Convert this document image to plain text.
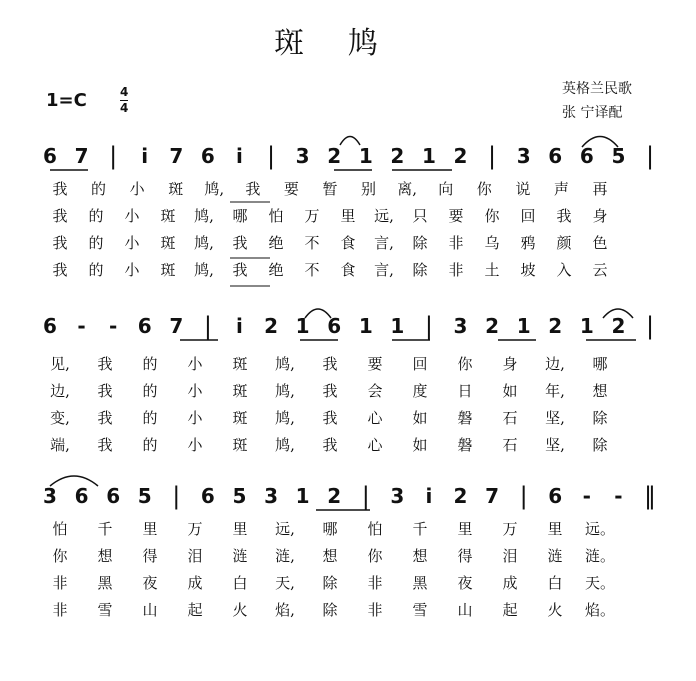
斑鸠
英格兰民歌
张 宁译配
1=C	4
4
6 7 | i 7 6 i | 3 2 1 2 1 2 | 3 6 6 5 |
我 的 小 斑 鸠, 我 要 暂 别 离, 向 你 说 声 再
我 的 小 斑 鸠, 哪 怕 万 里 远, 只 要 你 回 我 身
我 的 小 斑 鸠, 我 绝 不 食 言, 除 非 乌 鸦 颜 色
我 的 小 斑 鸠, 我 绝 不 食 言, 除 非 土 坡 入 云
6 - - 6 7 | i 2 1 6 1 1 | 3 2 1 2 1 2 |
见, 我 的 小 斑 鸠, 我 要 回 你 身 边, 哪
边, 我 的 小 斑 鸠, 我 会 度 日 如 年, 想
变, 我 的 小 斑 鸠, 我 心 如 磐 石 坚, 除
端, 我 的 小 斑 鸠, 我 心 如 磐 石 坚, 除
3 6 6 5 | 6 5 3 1 2 | 3 i 2 7 | 6 - - ‖
怕 千 里 万 里 远, 哪 怕 千 里 万 里 远。
你 想 得 泪 涟 涟, 想 你 想 得 泪 涟 涟。
非 黑 夜 成 白 天, 除 非 黑 夜 成 白 天。
非 雪 山 起 火 焰, 除 非 雪 山 起 火 焰。
